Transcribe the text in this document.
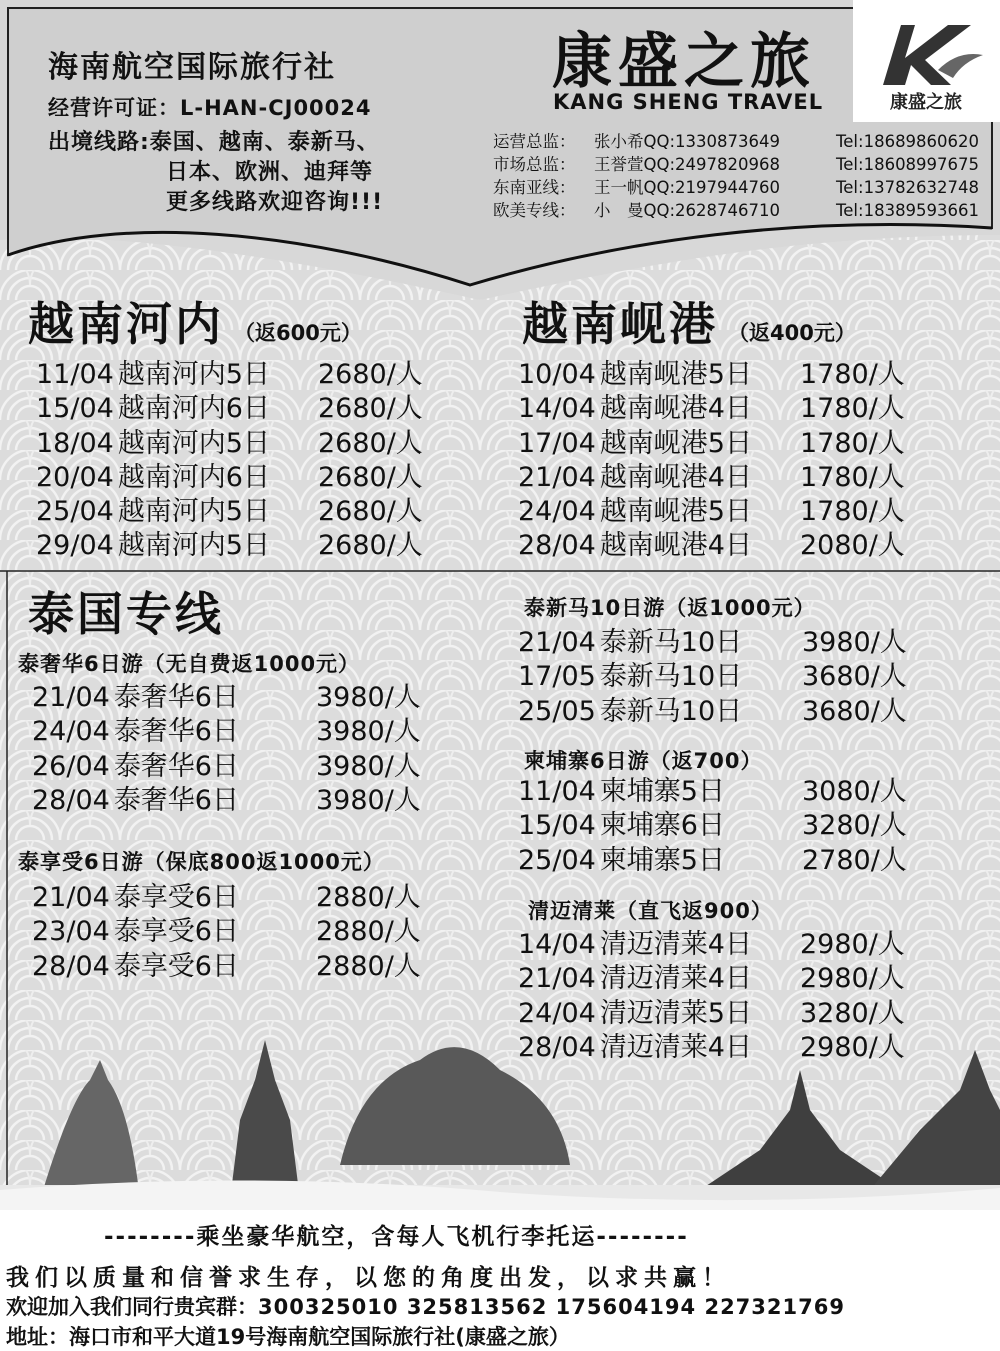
海南航空国际旅行社
经营许可证：L-HAN-CJ00024
出境线路:泰国、越南、泰新马、
日本、欧洲、迪拜等
更多线路欢迎咨询!!!
康盛之旅
KANG SHENG TRAVEL	康盛之旅
运营总监： 张小希QQ:1330873649	Tel:18689860620
市场总监： 王誉萱QQ:2497820968	Tel:18608997675
东南亚线： 王一帆QQ:2197944760	Tel:13782632748
欧美专线： 小　曼QQ:2628746710	Tel:18389593661
越南河内 （返600元）
11/04 越南河内5日 2680/人
15/04 越南河内6日 2680/人
18/04 越南河内5日 2680/人
20/04 越南河内6日 2680/人
25/04 越南河内5日 2680/人
29/04 越南河内5日 2680/人
越南岘港 （返400元）
10/04 越南岘港5日 1780/人
14/04 越南岘港4日 1780/人
17/04 越南岘港5日 1780/人
21/04 越南岘港4日 1780/人
24/04 越南岘港5日 1780/人
28/04 越南岘港4日 2080/人
泰国专线
泰奢华6日游（无自费返1000元）
21/04 泰奢华6日	3980/人
24/04 泰奢华6日	3980/人
26/04 泰奢华6日	3980/人
28/04 泰奢华6日	3980/人
泰享受6日游（保底800返1000元）
21/04 泰享受6日	2880/人
23/04 泰享受6日	2880/人
28/04 泰享受6日	2880/人
泰新马10日游（返1000元）
21/04 泰新马10日 3980/人
17/05 泰新马10日 3680/人
25/05 泰新马10日 3680/人
柬埔寨6日游（返700）
11/04 柬埔寨5日	3080/人
15/04 柬埔寨6日	3280/人
25/04 柬埔寨5日	2780/人
清迈清莱（直飞返900）
14/04 清迈清莱4日 2980/人
21/04 清迈清莱4日 2980/人
24/04 清迈清莱5日 3280/人
28/04 清迈清莱4日 2980/人
--------乘坐豪华航空，含每人飞机行李托运--------
我们以质量和信誉求生存，以您的角度出发，以求共赢！
欢迎加入我们同行贵宾群：300325010 325813562 175604194 227321769
地址：海口市和平大道19号海南航空国际旅行社(康盛之旅）
